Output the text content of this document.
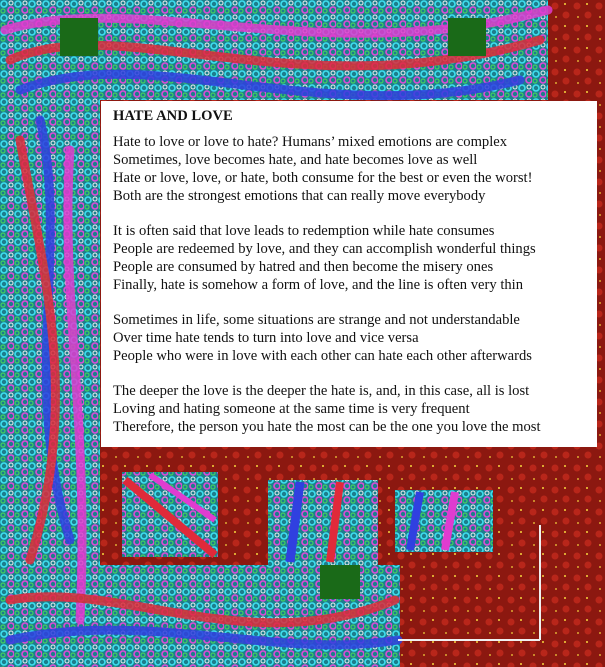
HATE AND LOVE
Hate to love or love to hate? Humans’ mixed emotions are complex
Sometimes, love becomes hate, and hate becomes love as well
Hate or love, love, or hate, both consume for the best or even the worst!
Both are the strongest emotions that can really move everybody
It is often said that love leads to redemption while hate consumes
People are redeemed by love, and they can accomplish wonderful things
People are consumed by hatred and then become the misery ones
Finally, hate is somehow a form of love, and the line is often very thin
Sometimes in life, some situations are strange and not understandable
Over time hate tends to turn into love and vice versa
People who were in love with each other can hate each other afterwards
The deeper the love is the deeper the hate is, and, in this case, all is lost
Loving and hating someone at the same time is very frequent
Therefore, the person you hate the most can be the one you love the most
